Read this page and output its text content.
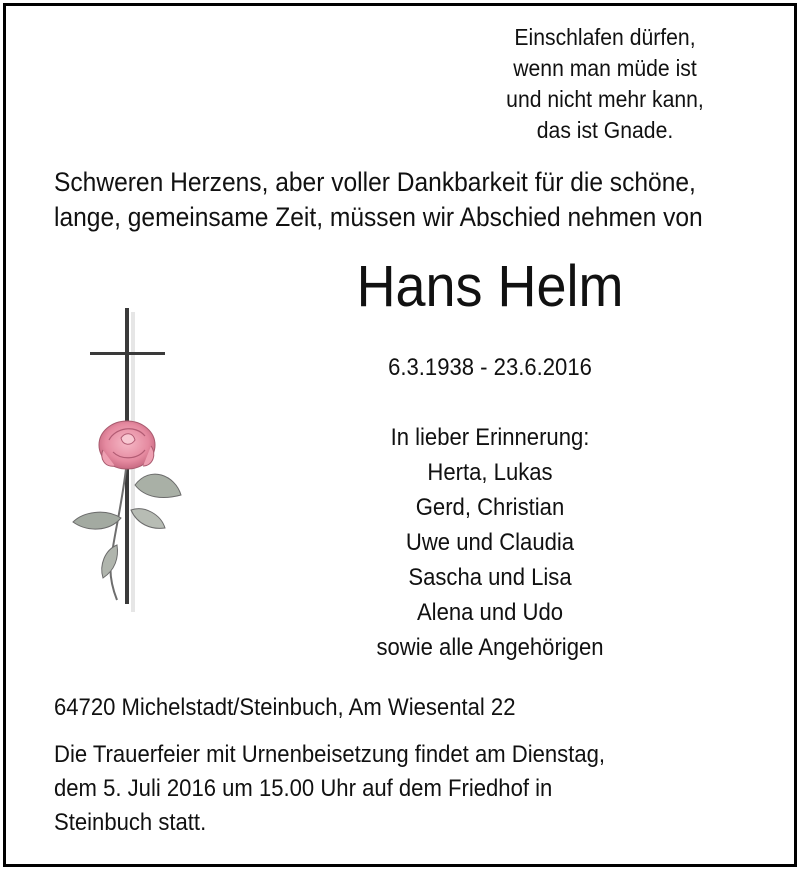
Einschlafen dürfen,
wenn man müde ist
und nicht mehr kann,
das ist Gnade.
Schweren Herzens, aber voller Dankbarkeit für die schöne,
lange, gemeinsame Zeit, müssen wir Abschied nehmen von
Hans Helm
6.3.1938 - 23.6.2016
In lieber Erinnerung:
Herta, Lukas
Gerd, Christian
Uwe und Claudia
Sascha und Lisa
Alena und Udo
sowie alle Angehörigen
64720 Michelstadt/Steinbuch, Am Wiesental 22
Die Trauerfeier mit Urnenbeisetzung findet am Dienstag,
dem 5. Juli 2016 um 15.00 Uhr auf dem Friedhof in
Steinbuch statt.
